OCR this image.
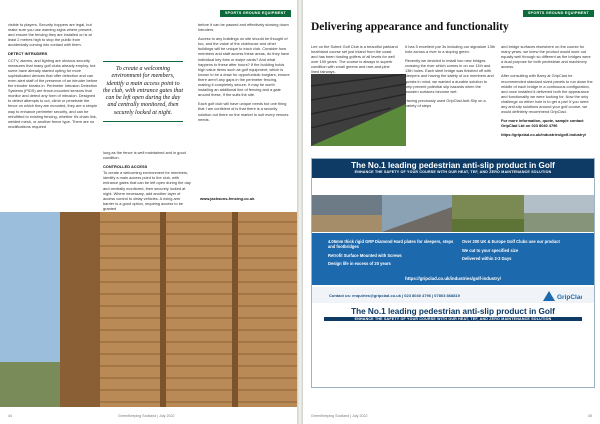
SPORTS GROUND EQUIPMENT

visible to players. Security hoppers are legal, but make sure you use warning signs where present, and ensure the fencing they are installed on is at least 2 metres high to stop the public from accidentally coming into contact with them.

DETECT INTRUDERS

CCTV, alarms, and lighting are obvious security measures that many golf clubs already employ, but some have already started opting for more sophisticated devices that offer detection and can even alert staff of the presence of an intruder before the intruder breaks in. Perimeter Intrusion Detection Systems (PIDS) are fence-mounted sensors that monitor and detect any form of intrusion. Designed to detect attempts to cut, climb or penetrate the fence on which they are mounted, they are a simple way to enhance perimeter security, and can be retrofitted to existing fencing, whether it's chain link, welded mesh, or another fence type. There are no modifications required

To create a welcoming environment for members, identify a main access point to the club, with entrance gates that can be left open during the day and centrally monitored, then securely locked at night.

long as the fence is well maintained and in good condition.

CONTROLLED ACCESS

To create a welcoming environment for members, identify a main access point to the club, with entrance gates that can be left open during the day and centrally monitored, then securely locked at night. Where necessary, add another layer of access control to delay vehicles. A rising arm barrier is a good option, requiring access to be granted

before it can be passed and effectively slowing down intruders.

Access to any buildings on site should be thought of too, and the value of the clubhouse and other buildings will be unique to each club. Consider how members and staff access these areas, do they have individual key fobs or swipe cards? And what happens to these after hours? If the building holds high value items such as golf equipment, which is known to be a draw for opportunistic burglars, ensure there aren't any gaps in the perimeter fencing, making it completely secure. It may be worth installing an additional line of fencing and a gate around these, if the suits the site.

Each golf club will have unique needs but one thing that I am confident of is that there is a security solution out there on the market to suit every venues needs.

www.jacksons-fencing.co.uk
44	GreenKeeping Scotland | July 2022
SPORTS GROUND EQUIPMENT
Delivering appearance and functionality

Lee on the Solent Golf Club is a beautiful parkland heathland course set just inland from the coast and has been hosting golfers of all levels for well over 100 years. The course is always in superb condition with small greens and rare-and-pine lined fairways.

It has 5 excellent par 3s including our signature 13th hole across a river to a sloping green.

Recently we decided to install two new bridges crossing the river which comes in on our 11th and 13th holes. Each steel bridge was finished off with sleepers and having the safety of our members and guests in mind, we wanted a durable solution to help prevent potential slip hazards when the wooden surfaces become wet.

Having previously used GripClad Anti-Slip on a variety of steps

and bridge surfaces elsewhere on the course for many years, we knew the product would work out equally well through so different as the bridges were a dual purpose for both pedestrian and machinery access.

After consulting with Barry at GripClad he recommended standard sized panels to run down the middle of each bridge in a continuous configuration, and once installed it delivered both the appearance and functionality we were looking for. Now the only challenge on either hole is to get a par! If you need any anti-slip solutions around your golf course, we would definitely recommend GripClad.

For more information, quote, sample contact GripClad Ltd on 023 8040 4796

https://gripclad.co.uk/industries/golf-industry/

The No.1 leading pedestrian anti-slip product in Golf
ENHANCE THE SAFETY OF YOUR COURSE WITH OUR HEAT, TEF, AND ZERO MAINTENANCE SOLUTION
4.06mm thick rigid GRP Diamond Hard plates for sleepers, steps and footbridges
Retrofit Surface Mounted with Screws
Design life in excess of 20 years
Over 200 UK & Europe Golf Clubs use our product
We cut to your specified size
Delivered within 2-3 Days
https://gripclad.co.uk/industries/golf-industry/
Contact us: enquiries@gripclad.co.uk | 023 8040 4796 | 07803 868819	GripClad
The No.1 leading pedestrian anti-slip product in Golf
ENHANCE THE SAFETY OF YOUR COURSE WITH OUR HEAT, TEF, AND ZERO MAINTENANCE SOLUTION
GreenKeeping Scotland | July 2022	45
